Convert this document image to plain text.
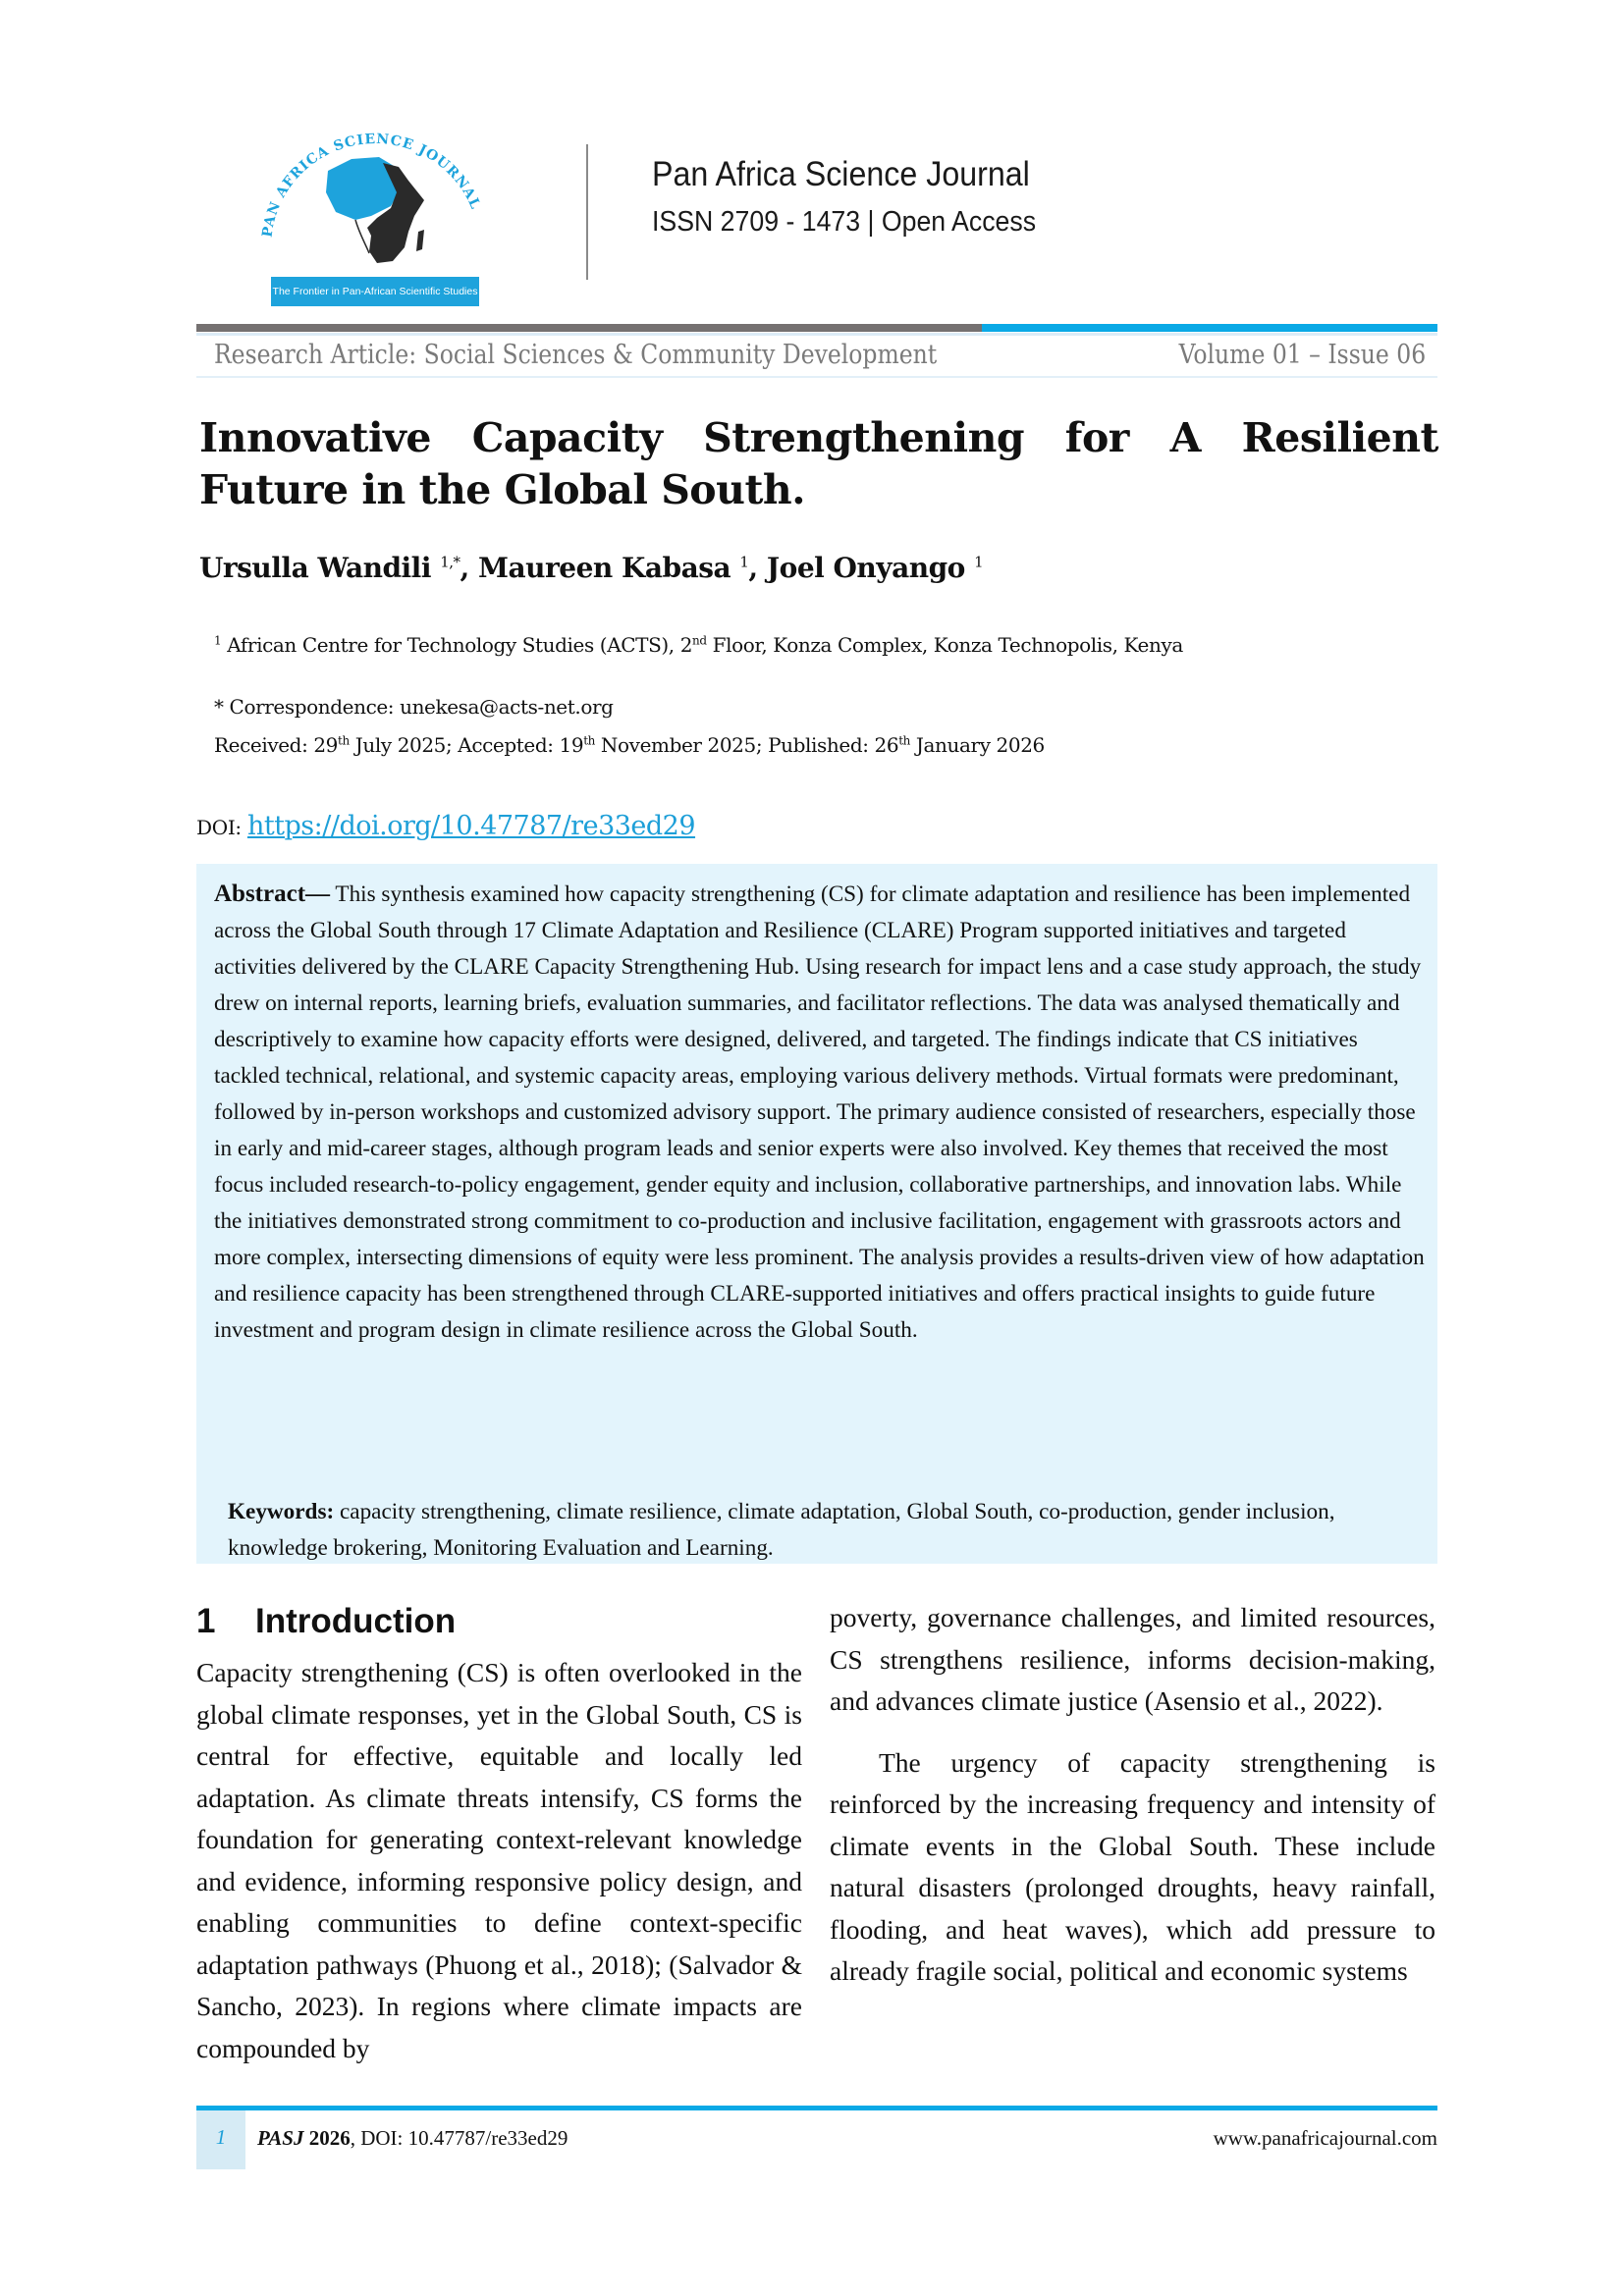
PAN AFRICA SCIENCE JOURNAL
The Frontier in Pan-African Scientific Studies
Pan Africa Science Journal
ISSN 2709 - 1473 | Open Access
Research Article: Social Sciences & Community Development	Volume 01 – Issue 06
Innovative Capacity Strengthening for A Resilient
Future in the Global South.
Ursulla Wandili $^{1,*}$, Maureen Kabasa $^1$, Joel Onyango $^1$
$^1$ African Centre for Technology Studies (ACTS), 2nd Floor, Konza Complex, Konza Technopolis, Kenya
* Correspondence: unekesa@acts-net.org
Received: 29th July 2025; Accepted: 19th November 2025; Published: 26th January 2026
DOI: https://doi.org/10.47787/re33ed29
Abstract— This synthesis examined how capacity strengthening (CS) for climate adaptation and resilience has been implemented across the Global South through 17 Climate Adaptation and Resilience (CLARE) Program supported initiatives and targeted activities delivered by the CLARE Capacity Strengthening Hub. Using research for impact lens and a case study approach, the study drew on internal reports, learning briefs, evaluation summaries, and facilitator reflections. The data was analysed thematically and descriptively to examine how capacity efforts were designed, delivered, and targeted. The findings indicate that CS initiatives tackled technical, relational, and systemic capacity areas, employing various delivery methods. Virtual formats were predominant, followed by in-person workshops and customized advisory support. The primary audience consisted of researchers, especially those in early and mid-career stages, although program leads and senior experts were also involved. Key themes that received the most focus included research-to-policy engagement, gender equity and inclusion, collaborative partnerships, and innovation labs. While the initiatives demonstrated strong commitment to co-production and inclusive facilitation, engagement with grassroots actors and more complex, intersecting dimensions of equity were less prominent. The analysis provides a results-driven view of how adaptation and resilience capacity has been strengthened through CLARE-supported initiatives and offers practical insights to guide future investment and program design in climate resilience across the Global South.
Keywords: capacity strengthening, climate resilience, climate adaptation, Global South, co-production, gender inclusion, knowledge brokering, Monitoring Evaluation and Learning.
1 Introduction

Capacity strengthening (CS) is often overlooked in the global climate responses, yet in the Global South, CS is central for effective, equitable and locally led adaptation. As climate threats intensify, CS forms the foundation for generating context-relevant knowledge and evidence, informing responsive policy design, and enabling communities to define context-specific adaptation pathways (Phuong et al., 2018); (Salvador & Sancho, 2023). In regions where climate impacts are compounded by

poverty, governance challenges, and limited resources, CS strengthens resilience, informs decision-making, and advances climate justice (Asensio et al., 2022).

The urgency of capacity strengthening is reinforced by the increasing frequency and intensity of climate events in the Global South. These include natural disasters (prolonged droughts, heavy rainfall, flooding, and heat waves), which add pressure to already fragile social, political and economic systems

1	PASJ 2026, DOI: 10.47787/re33ed29	www.panafricajournal.com
